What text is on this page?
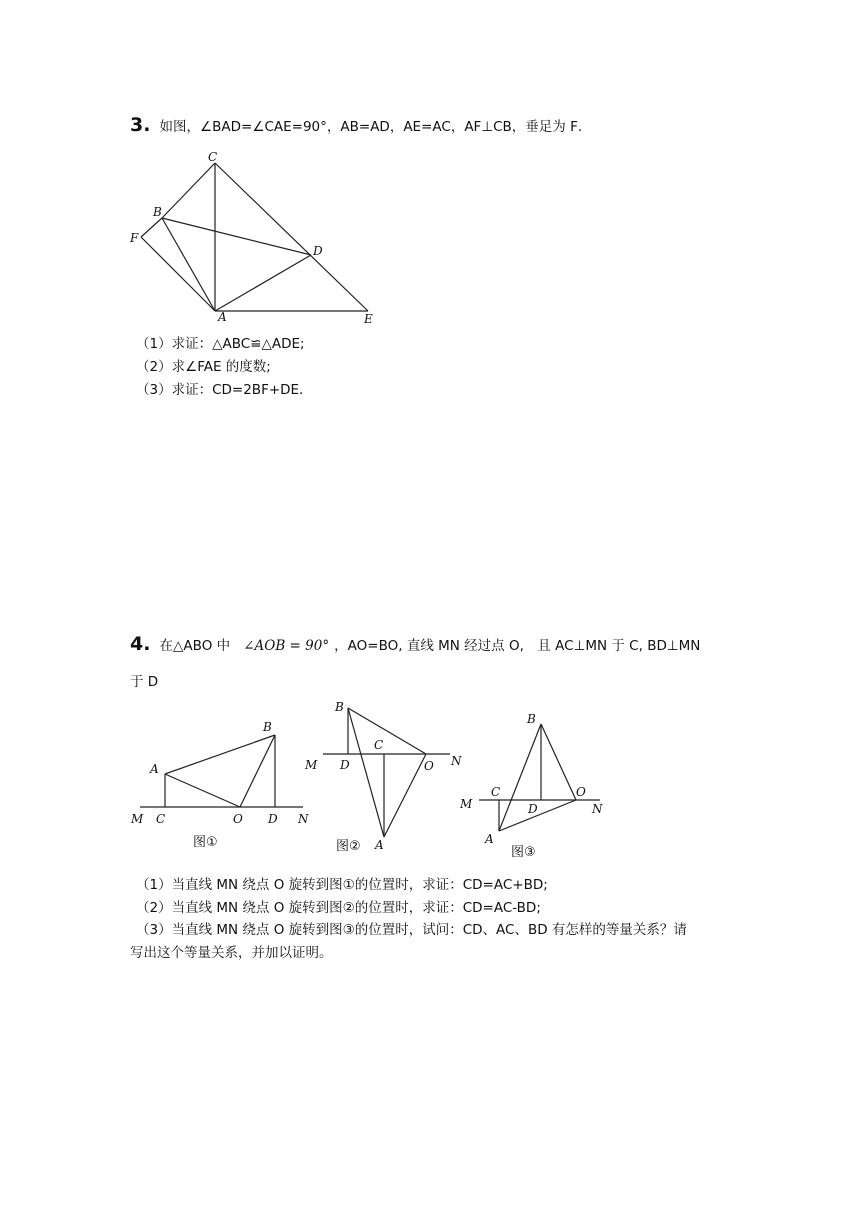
3. 如图，∠BAD=∠CAE=90°，AB=AD，AE=AC，AF⊥CB，垂足为 F．
C
B
F
D
A	E
（1）求证：△ABC≌△ADE;
（2）求∠FAE 的度数;
（3）求证：CD=2BF+DE．
4. 在△ABO 中 ∠AOB = 90° ，AO=BO, 直线 MN 经过点 O,　且 AC⊥MN 于 C, BD⊥MN
于 D
B
A
O
M C	D N
图①
B
C
M D	O N
A
图②
B
M
C
D
O
N
A
图③
（1）当直线 MN 绕点 O 旋转到图①的位置时，求证：CD=AC+BD;
（2）当直线 MN 绕点 O 旋转到图②的位置时，求证：CD=AC-BD;
（3）当直线 MN 绕点 O 旋转到图③的位置时，试问：CD、AC、BD 有怎样的等量关系？请
写出这个等量关系，并加以证明。
